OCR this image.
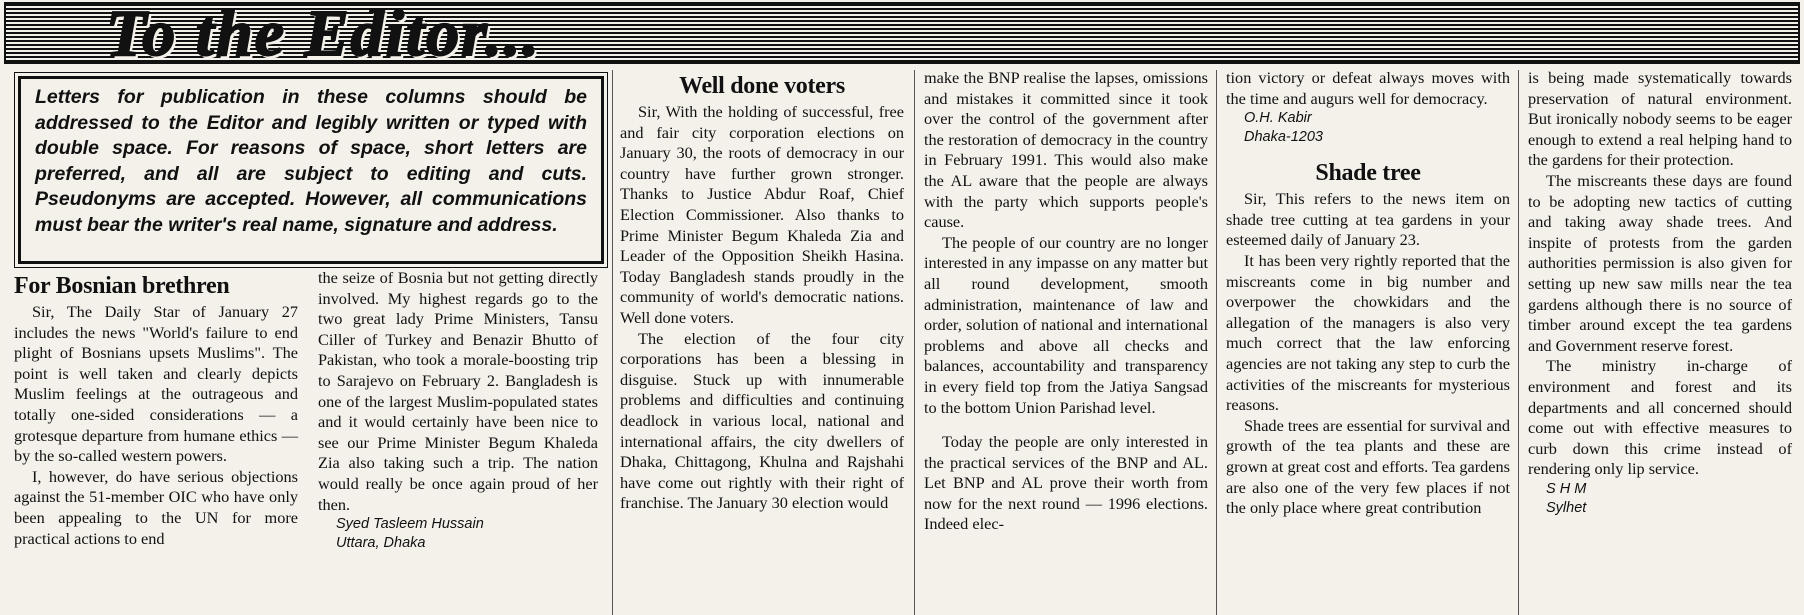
To the Editor...
Letters for publication in these columns should be addressed to the Editor and legibly written or typed with double space. For reasons of space, short letters are preferred, and all are subject to editing and cuts. Pseudonyms are accepted. However, all communications must bear the writer's real name, signature and address.
For Bosnian brethren

Sir, The Daily Star of January 27 includes the news "World's failure to end plight of Bosnians upsets Muslims". The point is well taken and clearly depicts Muslim feelings at the outrageous and totally one-sided considerations — a grotesque departure from humane ethics — by the so-called western powers.

I, however, do have serious objections against the 51-member OIC who have only been appealing to the UN for more practical actions to end

the seize of Bosnia but not getting directly involved. My highest regards go to the two great lady Prime Ministers, Tansu Ciller of Turkey and Benazir Bhutto of Pakistan, who took a morale-boosting trip to Sarajevo on February 2. Bangladesh is one of the largest Muslim-populated states and it would certainly have been nice to see our Prime Minister Begum Khaleda Zia also taking such a trip. The nation would really be once again proud of her then.

Syed Tasleem Hussain

Uttara, Dhaka

Well done voters

Sir, With the holding of successful, free and fair city corporation elections on January 30, the roots of democracy in our country have further grown stronger. Thanks to Justice Abdur Roaf, Chief Election Commissioner. Also thanks to Prime Minister Begum Khaleda Zia and Leader of the Opposition Sheikh Hasina. Today Bangladesh stands proudly in the community of world's democratic nations. Well done voters.

The election of the four city corporations has been a blessing in disguise. Stuck up with innumerable problems and difficulties and continuing deadlock in various local, national and international affairs, the city dwellers of Dhaka, Chittagong, Khulna and Rajshahi have come out rightly with their right of franchise. The January 30 election would

make the BNP realise the lapses, omissions and mistakes it committed since it took over the control of the government after the restoration of democracy in the country in February 1991. This would also make the AL aware that the people are always with the party which supports people's cause.

The people of our country are no longer interested in any impasse on any matter but all round development, smooth administration, maintenance of law and order, solution of national and international problems and above all checks and balances, accountability and transparency in every field top from the Jatiya Sangsad to the bottom Union Parishad level.

Today the people are only interested in the practical services of the BNP and AL. Let BNP and AL prove their worth from now for the next round — 1996 elections. Indeed elec-

tion victory or defeat always moves with the time and augurs well for democracy.

O.H. Kabir

Dhaka-1203

Shade tree

Sir, This refers to the news item on shade tree cutting at tea gardens in your esteemed daily of January 23.

It has been very rightly reported that the miscreants come in big number and overpower the chowkidars and the allegation of the managers is also very much correct that the law enforcing agencies are not taking any step to curb the activities of the miscreants for mysterious reasons.

Shade trees are essential for survival and growth of the tea plants and these are grown at great cost and efforts. Tea gardens are also one of the very few places if not the only place where great contribution

is being made systematically towards preservation of natural environment. But ironically nobody seems to be eager enough to extend a real helping hand to the gardens for their protection.

The miscreants these days are found to be adopting new tactics of cutting and taking away shade trees. And inspite of protests from the garden authorities permission is also given for setting up new saw mills near the tea gardens although there is no source of timber around except the tea gardens and Government reserve forest.

The ministry in-charge of environment and forest and its departments and all concerned should come out with effective measures to curb down this crime instead of rendering only lip service.

S H M

Sylhet
